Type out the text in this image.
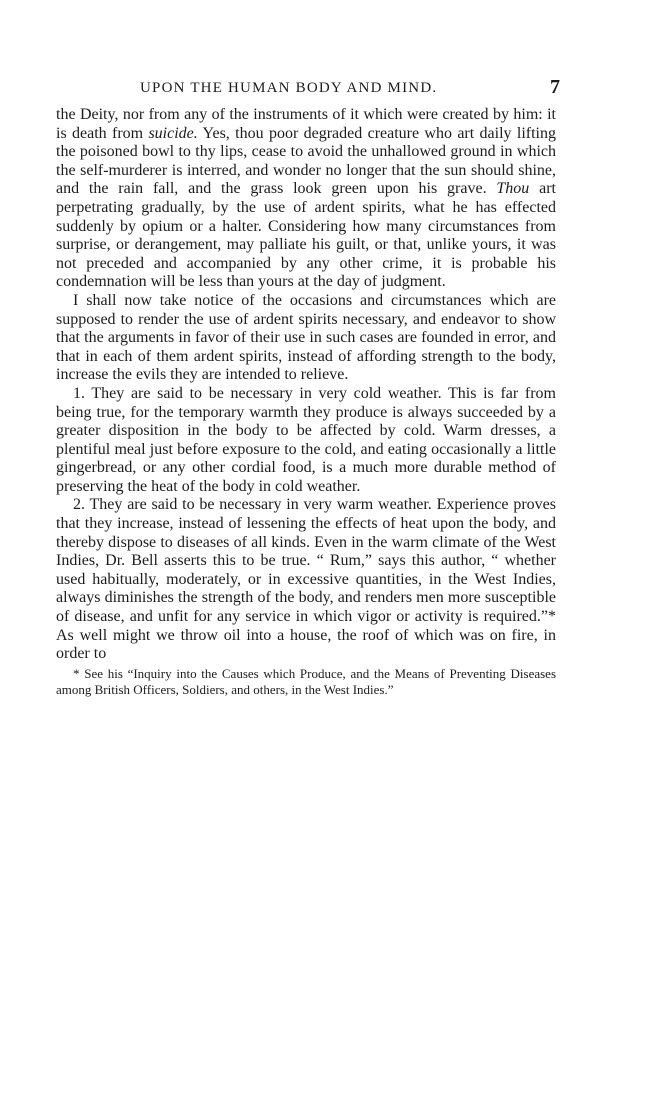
UPON THE HUMAN BODY AND MIND.	7

the Deity, nor from any of the instruments of it which were created by him: it is death from suicide. Yes, thou poor degraded creature who art daily lifting the poisoned bowl to thy lips, cease to avoid the unhallowed ground in which the self-murderer is interred, and wonder no longer that the sun should shine, and the rain fall, and the grass look green upon his grave. Thou art perpetrating gradually, by the use of ardent spirits, what he has effected suddenly by opium or a halter. Considering how many circumstances from surprise, or derangement, may palliate his guilt, or that, unlike yours, it was not preceded and accompanied by any other crime, it is probable his condemnation will be less than yours at the day of judgment.

I shall now take notice of the occasions and circumstances which are supposed to render the use of ardent spirits necessary, and endeavor to show that the arguments in favor of their use in such cases are founded in error, and that in each of them ardent spirits, instead of affording strength to the body, increase the evils they are intended to relieve.

1. They are said to be necessary in very cold weather. This is far from being true, for the temporary warmth they produce is always succeeded by a greater disposition in the body to be affected by cold. Warm dresses, a plentiful meal just before exposure to the cold, and eating occasionally a little gingerbread, or any other cordial food, is a much more durable method of preserving the heat of the body in cold weather.

2. They are said to be necessary in very warm weather. Experience proves that they increase, instead of lessening the effects of heat upon the body, and thereby dispose to diseases of all kinds. Even in the warm climate of the West Indies, Dr. Bell asserts this to be true. “ Rum,” says this author, “ whether used habitually, moderately, or in excessive quantities, in the West Indies, always diminishes the strength of the body, and renders men more susceptible of disease, and unfit for any service in which vigor or activity is required.”* As well might we throw oil into a house, the roof of which was on fire, in order to

* See his “Inquiry into the Causes which Produce, and the Means of Preventing Diseases among British Officers, Soldiers, and others, in the West Indies.”
